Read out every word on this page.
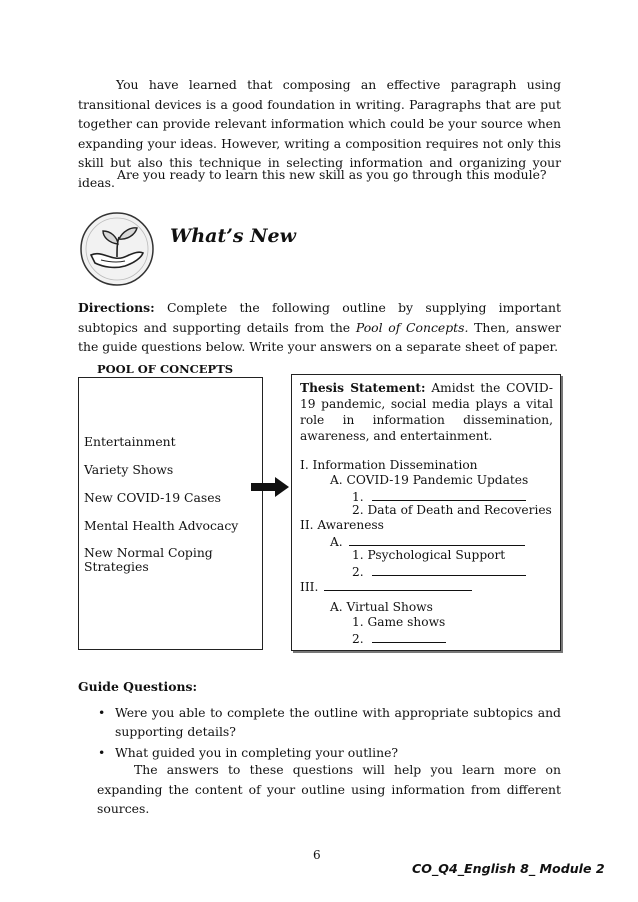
You have learned that composing an effective paragraph using transitional devices is a good foundation in writing. Paragraphs that are put together can provide relevant information which could be your source when expanding your ideas. However, writing a composition requires not only this skill but also this technique in selecting information and organizing your ideas. Are you ready to learn this new skill as you go through this module?
What’s New
Directions: Complete the following outline by supplying important subtopics and supporting details from the Pool of Concepts. Then, answer the guide questions below. Write your answers on a separate sheet of paper.
POOL OF CONCEPTS
Entertainment
Variety Shows
New COVID-19 Cases
Mental Health Advocacy
New Normal Coping Strategies
Thesis Statement: Amidst the COVID-19 pandemic, social media plays a vital role in information dissemination, awareness, and entertainment.
I. Information Dissemination
A. COVID-19 Pandemic Updates
1.
2. Data of Death and Recoveries
II. Awareness
A.
1. Psychological Support
2.
III.
A. Virtual Shows
1. Game shows
2.
Guide Questions:
• Were you able to complete the outline with appropriate subtopics and supporting details?
• What guided you in completing your outline?
The answers to these questions will help you learn more on expanding the content of your outline using information from different sources.
6
CO_Q4_English 8_ Module 2
